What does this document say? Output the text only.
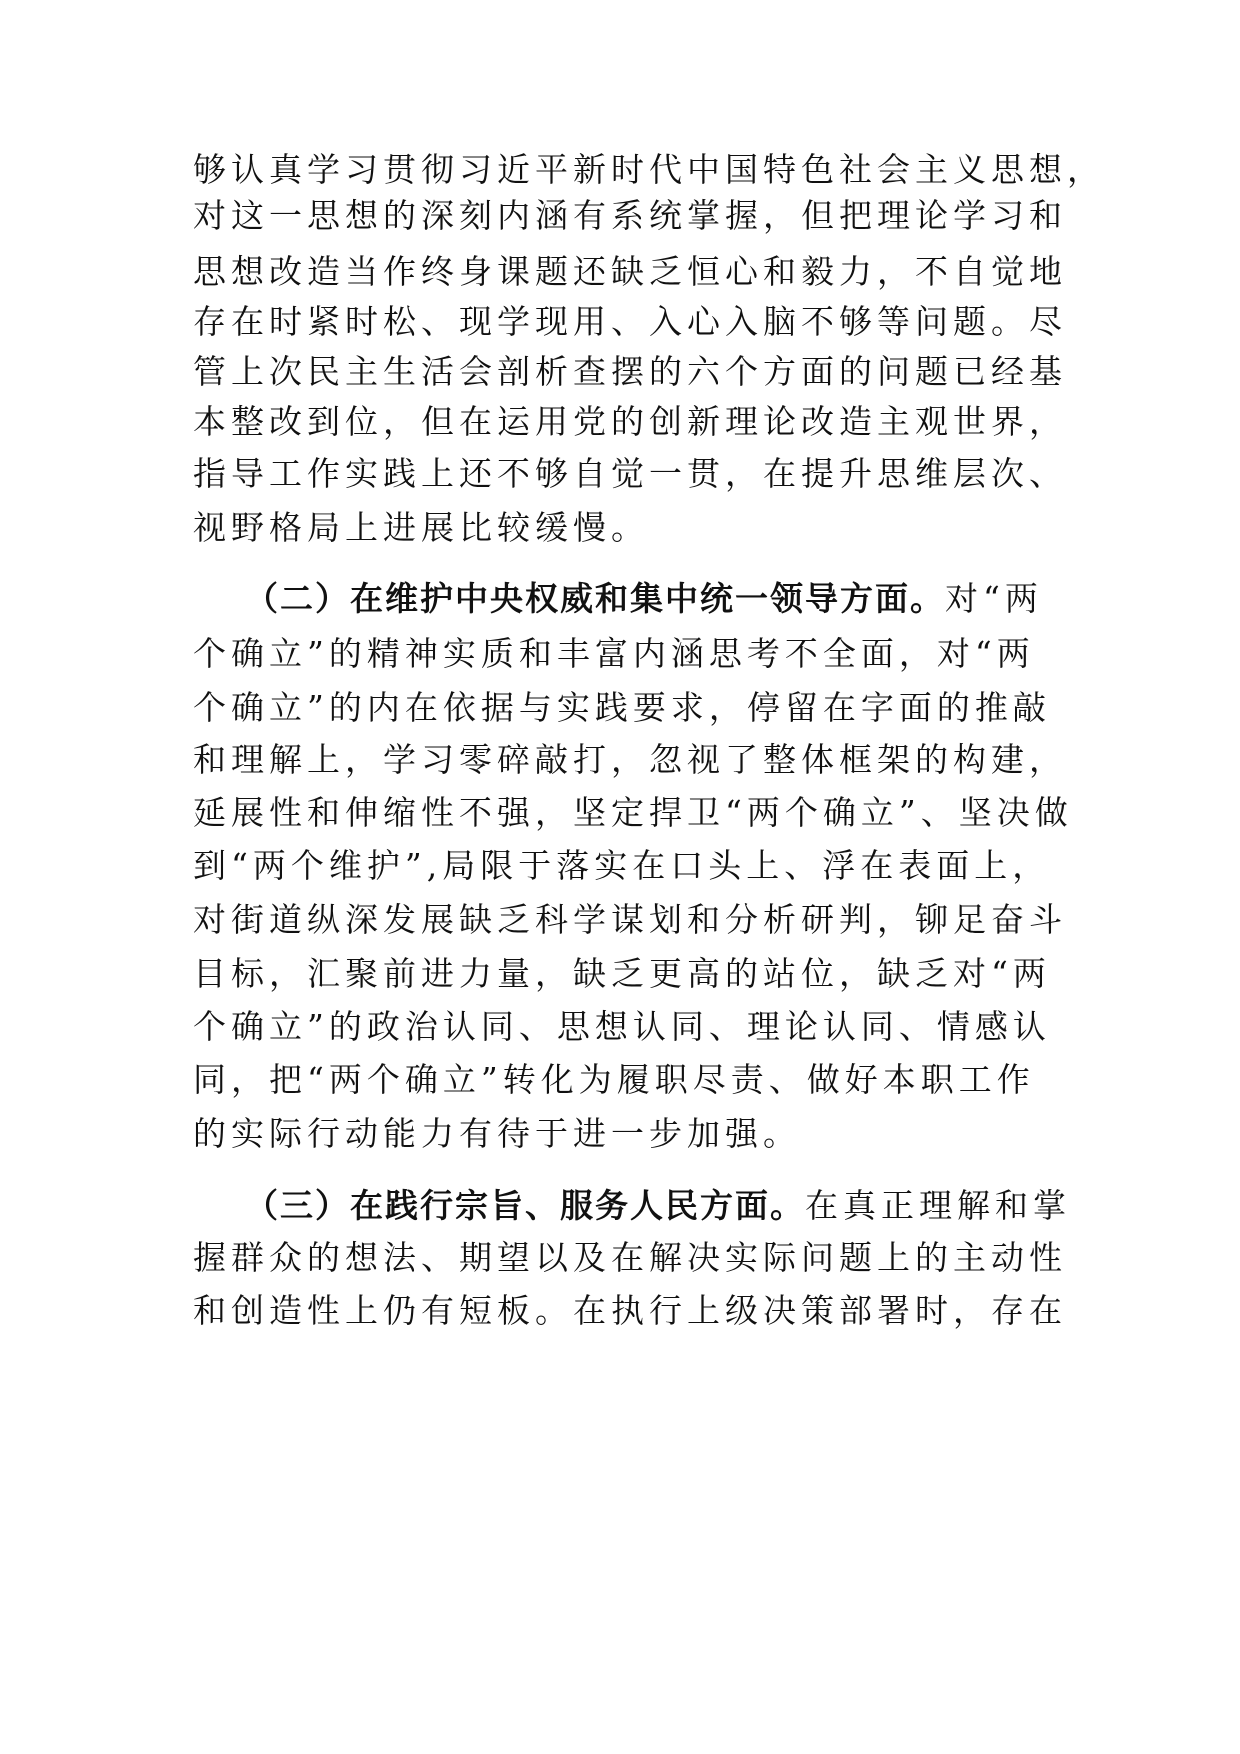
够认真学习贯彻习近平新时代中国特色社会主义思想，
对这一思想的深刻内涵有系统掌握，但把理论学习和
思想改造当作终身课题还缺乏恒心和毅力，不自觉地
存在时紧时松、现学现用、入心入脑不够等问题。尽
管上次民主生活会剖析查摆的六个方面的问题已经基
本整改到位，但在运用党的创新理论改造主观世界，
指导工作实践上还不够自觉一贯，在提升思维层次、
视野格局上进展比较缓慢。
（二）在维护中央权威和集中统一领导方面。对“两
个确立”的精神实质和丰富内涵思考不全面，对“两
个确立”的内在依据与实践要求，停留在字面的推敲
和理解上，学习零碎敲打，忽视了整体框架的构建，
延展性和伸缩性不强，坚定捍卫“两个确立”、坚决做
到“两个维护”,局限于落实在口头上、浮在表面上，
对街道纵深发展缺乏科学谋划和分析研判，铆足奋斗
目标，汇聚前进力量，缺乏更高的站位，缺乏对“两
个确立”的政治认同、思想认同、理论认同、情感认
同，把“两个确立”转化为履职尽责、做好本职工作
的实际行动能力有待于进一步加强。
（三）在践行宗旨、服务人民方面。在真正理解和掌
握群众的想法、期望以及在解决实际问题上的主动性
和创造性上仍有短板。在执行上级决策部署时，存在
